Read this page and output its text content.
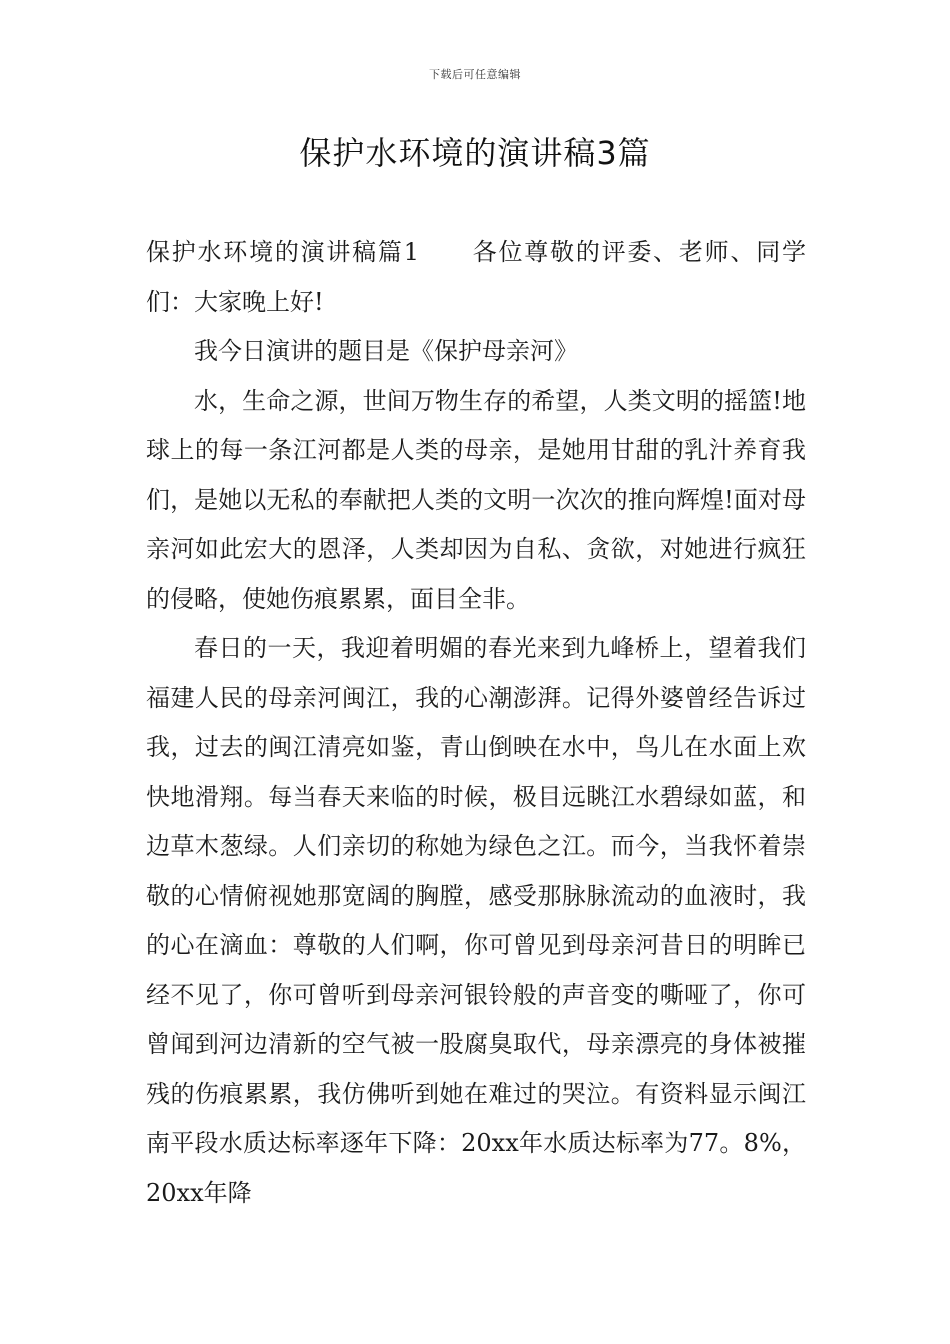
下载后可任意编辑
保护水环境的演讲稿3篇

保护水环境的演讲稿篇1 各位尊敬的评委、老师、同学们：大家晚上好!

我今日演讲的题目是《保护母亲河》

水，生命之源，世间万物生存的希望，人类文明的摇篮!地球上的每一条江河都是人类的母亲，是她用甘甜的乳汁养育我们，是她以无私的奉献把人类的文明一次次的推向辉煌!面对母亲河如此宏大的恩泽，人类却因为自私、贪欲，对她进行疯狂的侵略，使她伤痕累累，面目全非。

春日的一天，我迎着明媚的春光来到九峰桥上，望着我们福建人民的母亲河闽江，我的心潮澎湃。记得外婆曾经告诉过我，过去的闽江清亮如鉴，青山倒映在水中，鸟儿在水面上欢快地滑翔。每当春天来临的时候，极目远眺江水碧绿如蓝，和边草木葱绿。人们亲切的称她为绿色之江。而今，当我怀着崇敬的心情俯视她那宽阔的胸膛，感受那脉脉流动的血液时，我的心在滴血：尊敬的人们啊，你可曾见到母亲河昔日的明眸已经不见了，你可曾听到母亲河银铃般的声音变的嘶哑了，你可曾闻到河边清新的空气被一股腐臭取代，母亲漂亮的身体被摧残的伤痕累累，我仿佛听到她在难过的哭泣。有资料显示闽江南平段水质达标率逐年下降：20xx年水质达标率为77。8%，20xx年降
